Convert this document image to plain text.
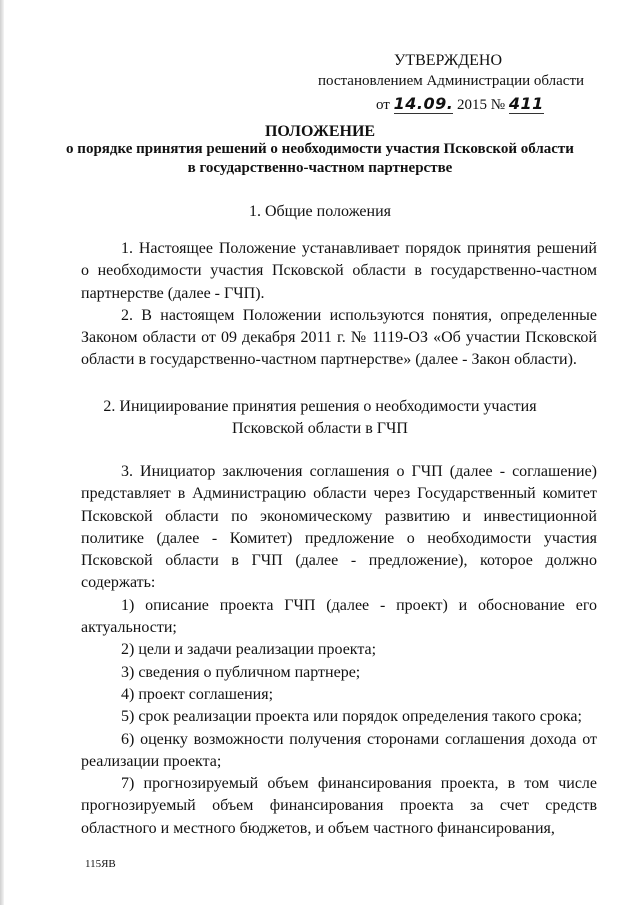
УТВЕРЖДЕНО
постановлением Администрации области
от 14.09. 2015 № 411
ПОЛОЖЕНИЕ
о порядке принятия решений о необходимости участия Псковской области
в государственно-частном партнерстве
1. Общие положения

1. Настоящее Положение устанавливает порядок принятия решений о необходимости участия Псковской области в государственно-частном партнерстве (далее - ГЧП).

2. В настоящем Положении используются понятия, определенные Законом области от 09 декабря 2011 г. № 1119-ОЗ «Об участии Псковской области в государственно-частном партнерстве» (далее - Закон области).

2. Инициирование принятия решения о необходимости участия
Псковской области в ГЧП

3. Инициатор заключения соглашения о ГЧП (далее - соглашение) представляет в Администрацию области через Государственный комитет Псковской области по экономическому развитию и инвестиционной политике (далее - Комитет) предложение о необходимости участия Псковской области в ГЧП (далее - предложение), которое должно содержать:

1) описание проекта ГЧП (далее - проект) и обоснование его актуальности;

2) цели и задачи реализации проекта;

3) сведения о публичном партнере;

4) проект соглашения;

5) срок реализации проекта или порядок определения такого срока;

6) оценку возможности получения сторонами соглашения дохода от реализации проекта;

7) прогнозируемый объем финансирования проекта, в том числе прогнозируемый объем финансирования проекта за счет средств областного и местного бюджетов, и объем частного финансирования,

115ЯВ
